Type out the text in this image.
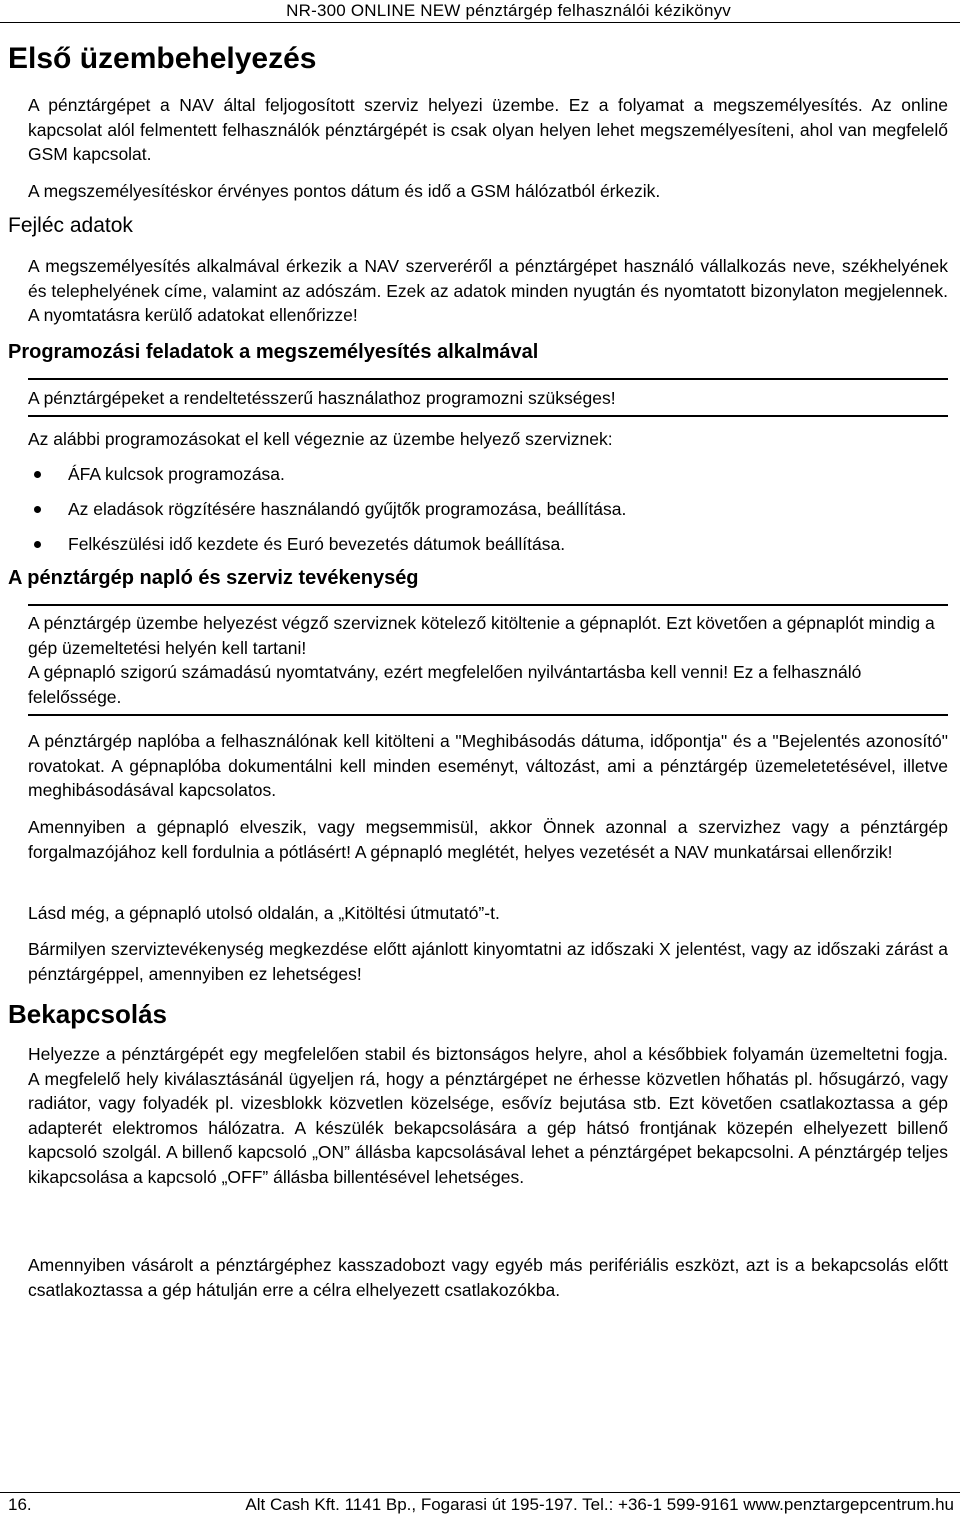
NR-300 ONLINE NEW pénztárgép felhasználói kézikönyv
Első üzembehelyezés

A pénztárgépet a NAV által feljogosított szerviz helyezi üzembe. Ez a folyamat a megszemélyesítés. Az online kapcsolat alól felmentett felhasználók pénztárgépét is csak olyan helyen lehet megszemélyesíteni, ahol van megfelelő GSM kapcsolat.

A megszemélyesítéskor érvényes pontos dátum és idő a GSM hálózatból érkezik.

Fejléc adatok

A megszemélyesítés alkalmával érkezik a NAV szerveréről a pénztárgépet használó vállalkozás neve, székhelyének és telephelyének címe, valamint az adószám. Ezek az adatok minden nyugtán és nyomtatott bizonylaton megjelennek. A nyomtatásra kerülő adatokat ellenőrizze!

Programozási feladatok a megszemélyesítés alkalmával

A pénztárgépeket a rendeltetésszerű használathoz programozni szükséges!

Az alábbi programozásokat el kell végeznie az üzembe helyező szerviznek:

ÁFA kulcsok programozása.
Az eladások rögzítésére használandó gyűjtők programozása, beállítása.
Felkészülési idő kezdete és Euró bevezetés dátumok beállítása.
A pénztárgép napló és szerviz tevékenység

A pénztárgép üzembe helyezést végző szerviznek kötelező kitöltenie a gépnaplót. Ezt követően a gépnaplót mindig a gép üzemeltetési helyén kell tartani!

A gépnapló szigorú számadású nyomtatvány, ezért megfelelően nyilvántartásba kell venni! Ez a felhasználó felelőssége.

A pénztárgép naplóba a felhasználónak kell kitölteni a "Meghibásodás dátuma, időpontja" és a "Bejelentés azonosító" rovatokat. A gépnaplóba dokumentálni kell minden eseményt, változást, ami a pénztárgép üzemeletetésével, illetve meghibásodásával kapcsolatos.

Amennyiben a gépnapló elveszik, vagy megsemmisül, akkor Önnek azonnal a szervizhez vagy a pénztárgép forgalmazójához kell fordulnia a pótlásért! A gépnapló meglétét, helyes vezetését a NAV munkatársai ellenőrzik!

Lásd még, a gépnapló utolsó oldalán, a „Kitöltési útmutató”-t.

Bármilyen szerviztevékenység megkezdése előtt ajánlott kinyomtatni az időszaki X jelentést, vagy az időszaki zárást a pénztárgéppel, amennyiben ez lehetséges!

Bekapcsolás

Helyezze a pénztárgépét egy megfelelően stabil és biztonságos helyre, ahol a későbbiek folyamán üzemeltetni fogja. A megfelelő hely kiválasztásánál ügyeljen rá, hogy a pénztárgépet ne érhesse közvetlen hőhatás pl. hősugárzó, vagy radiátor, vagy folyadék pl. vizesblokk közvetlen közelsége, esővíz bejutása stb. Ezt követően csatlakoztassa a gép adapterét elektromos hálózatra. A készülék bekapcsolására a gép hátsó frontjának közepén elhelyezett billenő kapcsoló szolgál. A billenő kapcsoló „ON” állásba kapcsolásával lehet a pénztárgépet bekapcsolni. A pénztárgép teljes kikapcsolása a kapcsoló „OFF” állásba billentésével lehetséges.

Amennyiben vásárolt a pénztárgéphez kasszadobozt vagy egyéb más perifériális eszközt, azt is a bekapcsolás előtt csatlakoztassa a gép hátulján erre a célra elhelyezett csatlakozókba.

16.	Alt Cash Kft. 1141 Bp., Fogarasi út 195-197. Tel.: +36-1 599-9161 www.penztargepcentrum.hu
